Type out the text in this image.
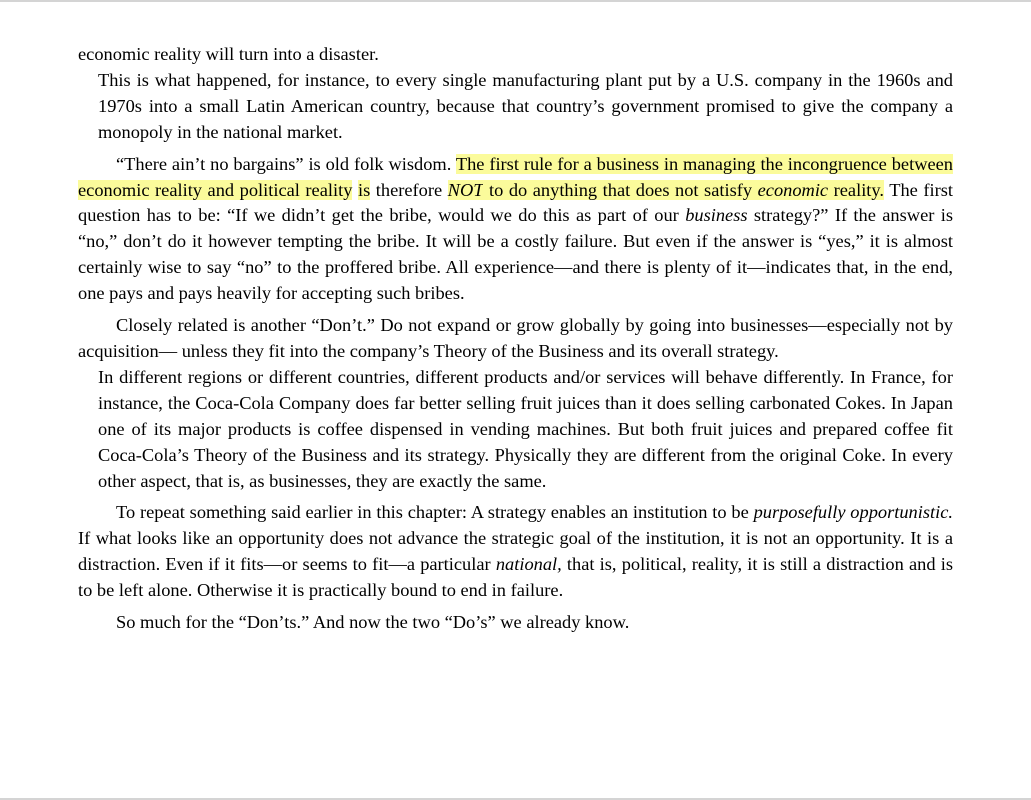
economic reality will turn into a disaster.

This is what happened, for instance, to every single manufacturing plant put by a U.S. company in the 1960s and 1970s into a small Latin American country, because that country’s government promised to give the company a monopoly in the national market.

“There ain’t no bargains” is old folk wisdom. The first rule for a business in managing the incongruence between economic reality and political reality is therefore NOT to do anything that does not satisfy economic reality. The first question has to be: “If we didn’t get the bribe, would we do this as part of our business strategy?” If the answer is “no,” don’t do it however tempting the bribe. It will be a costly failure. But even if the answer is “yes,” it is almost certainly wise to say “no” to the proffered bribe. All experience—and there is plenty of it—indicates that, in the end, one pays and pays heavily for accepting such bribes.

Closely related is another “Don’t.” Do not expand or grow globally by going into businesses—especially not by acquisition— unless they fit into the company’s Theory of the Business and its overall strategy.

In different regions or different countries, different products and/or services will behave differently. In France, for instance, the Coca-Cola Company does far better selling fruit juices than it does selling carbonated Cokes. In Japan one of its major products is coffee dispensed in vending machines. But both fruit juices and prepared coffee fit Coca-Cola’s Theory of the Business and its strategy. Physically they are different from the original Coke. In every other aspect, that is, as businesses, they are exactly the same.

To repeat something said earlier in this chapter: A strategy enables an institution to be purposefully opportunistic. If what looks like an opportunity does not advance the strategic goal of the institution, it is not an opportunity. It is a distraction. Even if it fits—or seems to fit—a particular national, that is, political, reality, it is still a distraction and is to be left alone. Otherwise it is practically bound to end in failure.

So much for the “Don’ts.” And now the two “Do’s” we already know.
